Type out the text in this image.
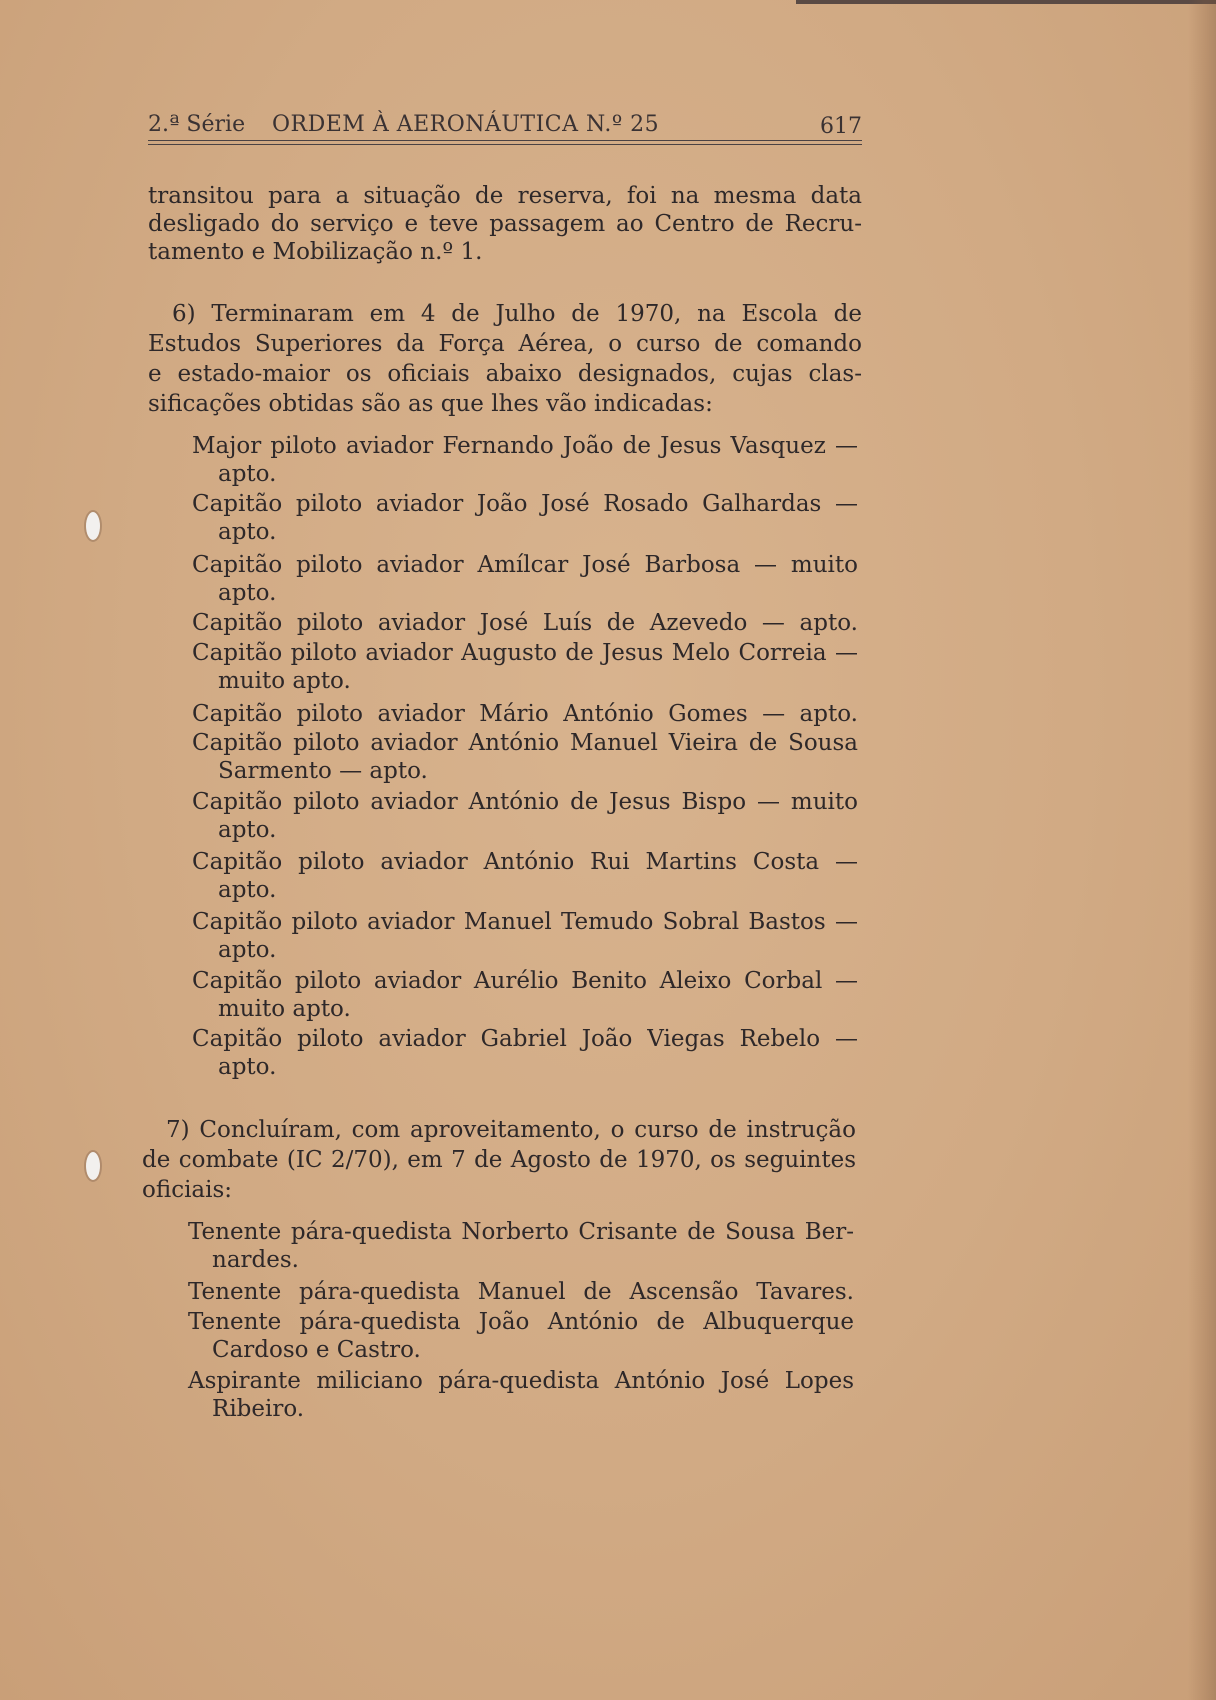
2.ª Série ORDEM À AERONÁUTICA N.º 25	617
transitou para a situação de reserva, foi na mesma data
desligado do serviço e teve passagem ao Centro de Recru-
tamento e Mobilização n.º 1.
6) Terminaram em 4 de Julho de 1970, na Escola de
Estudos Superiores da Força Aérea, o curso de comando
e estado-maior os oficiais abaixo designados, cujas clas-
sificações obtidas são as que lhes vão indicadas:
Major piloto aviador Fernando João de Jesus Vasquez —
apto.
Capitão piloto aviador João José Rosado Galhardas —
apto.
Capitão piloto aviador Amílcar José Barbosa — muito
apto.
Capitão piloto aviador José Luís de Azevedo — apto.
Capitão piloto aviador Augusto de Jesus Melo Correia —
muito apto.
Capitão piloto aviador Mário António Gomes — apto.
Capitão piloto aviador António Manuel Vieira de Sousa
Sarmento — apto.
Capitão piloto aviador António de Jesus Bispo — muito
apto.
Capitão piloto aviador António Rui Martins Costa —
apto.
Capitão piloto aviador Manuel Temudo Sobral Bastos —
apto.
Capitão piloto aviador Aurélio Benito Aleixo Corbal —
muito apto.
Capitão piloto aviador Gabriel João Viegas Rebelo —
apto.
7) Concluíram, com aproveitamento, o curso de instrução
de combate (IC 2/70), em 7 de Agosto de 1970, os seguintes
oficiais:
Tenente pára-quedista Norberto Crisante de Sousa Ber-
nardes.
Tenente pára-quedista Manuel de Ascensão Tavares.
Tenente pára-quedista João António de Albuquerque
Cardoso e Castro.
Aspirante miliciano pára-quedista António José Lopes
Ribeiro.
